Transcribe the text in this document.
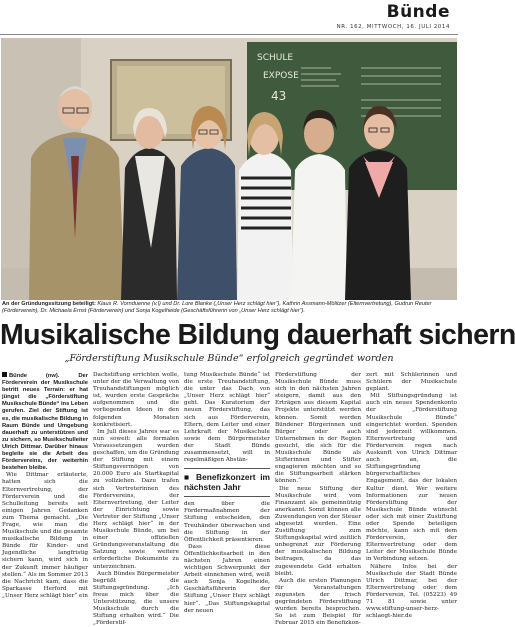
Bünde
NR. 162, MITTWOCH, 16. JULI 2014
SCHULE
EXPOSE
43
An der Gründungssitzung beteiligt: Klaus R. Vornduenne (v.l) und Dr. Lore Blanke („Unser Herz schlägt hier“), Kathrin Assmann-Mölitzer (Elternvertretung), Gudrun Reuter (Förderverein), Dr. Michaela Ernst (Förderverein) und Sonja Kogelheide (Geschäftsführerin von „Unser Herz schlägt hier“).
Musikalische Bildung dauerhaft sichern
„Förderstiftung Musikschule Bünde“ erfolgreich gegründet worden

Bünde (nw). Der Förderverein der Musikschule betritt neues Terrain: er hat jüngst die „Förderstiftung Musikschule Bünde“ ins Leben gerufen. Ziel der Stiftung ist es, die musikalische Bildung in Raum Bünde und Umgebung dauerhaft zu unterstützen und zu sichern, so Musikschulleiter Ulrich Dittmar. Darüber hinaus begleite sie die Arbeit des Fördervereins, der weiterhin bestehen bleibe.

Wie Dittmar erläuterte, hatten sich die Elternvertretung, der Förderverein und die Schulleitung bereits seit einigen Jahren Gedanken zum Thema gemacht. „Die Frage, wie man die Musikschule und die gesamte musikalische Bildung in Bünde für Kinder- und Jugendliche langfristig sichern kann, wird sich in der Zukunft immer häufiger stellen.“ Als im Sommer 2013 die Nachricht kam, dass die Sparkasse Herford mit „Unser Herz schlägt hier“ ein

Dachstiftung errichten wolle, unter der die Verwaltung von Treuhandstiftungen möglich ist, wurden erste Gespräche aufgenommen und die vorliegenden Ideen in den folgenden Monaten konkretisiert.

Im Juli dieses Jahres war es nun soweit: alle formalen Voraussetzungen wurden geschaffen, um die Gründung der Stiftung mit einem Stiftungsvermögen von 20.000 Euro als Startkapital zu vollziehen. Dazu trafen sich Vertreterinnen des Fördervereins, der Elternvertretung, der Leiter der Einrichtung sowie Vertreter der Stiftung „Unser Herz schlägt hier“ in der Musikschule Bünde, um bei einer offiziellen Gründungsveranstaltung die Satzung sowie weitere erforderliche Dokumente zu unterzeichnen.

Auch Bündes Bürgermeister begrüßt die Stiftungsgründung. „Ich freue mich über die Unterstützung, die unsere Musikschule durch die Stiftung erhalten wird.“ Die „Förderstif-

tung Musikschule Bünde“ ist die erste Treuhandstiftung, die unter das Dach von „Unser Herz schlägt hier“ geht. Das Kuratorium der neuen Förderstiftung, das sich aus Förderverein, Eltern, dem Leiter und einer Lehrkraft der Musikschule sowie dem Bürgermeister der Stadt Bünde zusammensetzt, will in regelmäßigen Abstän-

■ Benefizkonzert im nächsten Jahr

den über die Fördermaßnahmen der Stiftung entscheiden, den Treuhänder überwachen und die Stiftung in der Öffentlichkeit präsentieren.

Dass diese Öffentlichkeitsarbeit in den nächsten Jahren einen wichtigen Schwerpunkt der Arbeit einnehmen wird, weiß auch Sonja Kogelheide, Geschäftsführerin der Stiftung „Unser Herz schlägt hier“. „Das Stiftungskapital der neuen

Förderstiftung der Musikschule Bünde muss sich in den nächsten Jahren steigern, damit aus den Erträgen aus diesem Kapital Projekte unterstützt werden können. Somit werden Bündener Bürgerinnen und Bürger oder auch Unternehmen in der Region gesucht, die sich für die Musikschule Bünde als Stifterinnen und Stifter engagieren möchten und so die Stiftungsarbeit stärken können.“

Die neue Stiftung der Musikschule wird vom Finanzamt als gemeinnützig anerkannt. Somit können alle Zuwendungen von der Steuer abgesetzt werden. Eine Zustiftung zum Stiftungskapital wird zeitlich unbegrenzt zur Förderung der musikalischen Bildung beitragen, da das zugewendete Geld erhalten bleibt.

Auch die ersten Planungen für Veranstaltungen zugunsten der frisch gegründeten Förderstiftung wurden bereits besprochen. So ist zum Beispiel für Februar 2015 ein Benefizkon-

zert mit Schülerinnen und Schülern der Musikschule geplant.

Mit Stiftungsgründung ist auch ein neues Spendenkonto der „Förderstiftung Musikschule Bünde“ eingerichtet worden. Spenden sind jederzeit willkommen. Elternvertretung und Förderverein regen nach Auskunft von Ulrich Dittmar auch an, die Stiftungsgründung bürgerschaftliches Engagement, das der lokalen Kultur dient. Wer weitere Informationen zur neuen Förderstiftung der Musikschule Bünde wünscht oder sich mit einer Zustiftung oder Spende beteiligen möchte, kann sich mit dem Förderverein, der Elternvertretung oder dem Leiter der Musikschule Bünde in Verbindung setzen.

Nähere Infos bei der Musikschule der Stadt Bünde Ulrich Dittmar, bei der Elternvertretung oder dem Förderverein, Tel. (05223) 49 71 81 sowie unter www.stiftung-unser-herz-schlaegt-hier.de
